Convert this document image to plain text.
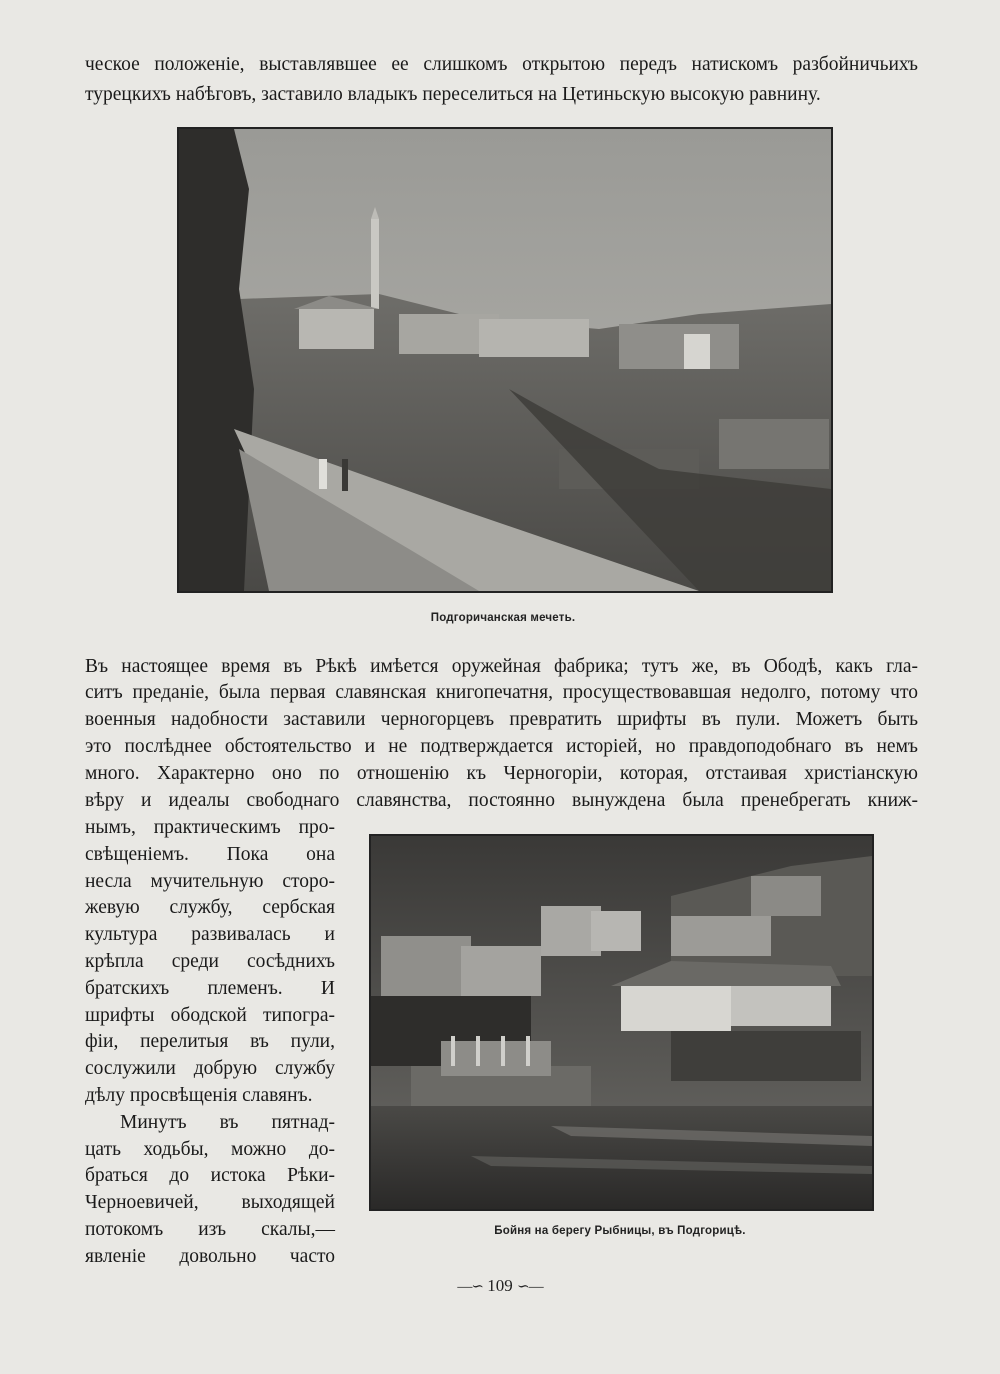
ческое положеніе, выставлявшее ее слишкомъ открытою передъ натискомъ разбойничьихъ
турецкихъ набѣговъ, заставило владыкъ переселиться на Цетиньскую высокую равнину.
Подгоричанская мечеть.
Въ настоящее время въ Рѣкѣ имѣется оружейная фабрика; тутъ же, въ Ободѣ, какъ гла-
ситъ преданіе, была первая славянская книгопечатня, просуществовавшая недолго, потому что
военныя надобности заставили черногорцевъ превратить шрифты въ пули. Можетъ быть
это послѣднее обстоятельство и не подтверждается исторіей, но правдоподобнаго въ немъ
много. Характерно оно по отношенію къ Черногоріи, которая, отстаивая христіанскую
вѣру и идеалы свободнаго славянства, постоянно вынуждена была пренебрегать книж-
нымъ, практическимъ про-
свѣщеніемъ. Пока она
несла мучительную сторо-
жевую службу, сербская
культура развивалась и
крѣпла среди сосѣднихъ
братскихъ племенъ. И
шрифты ободской типогра-
фіи, перелитыя въ пули,
сослужили добрую службу
дѣлу просвѣщенія славянъ.
Минутъ въ пятнад-
цать ходьбы, можно до-
браться до истока Рѣки-
Черноевичей, выходящей
потокомъ изъ скалы,—
явленіе довольно часто
Бойня на берегу Рыбницы, въ Подгорицѣ.
—∽ 109 ∽—
